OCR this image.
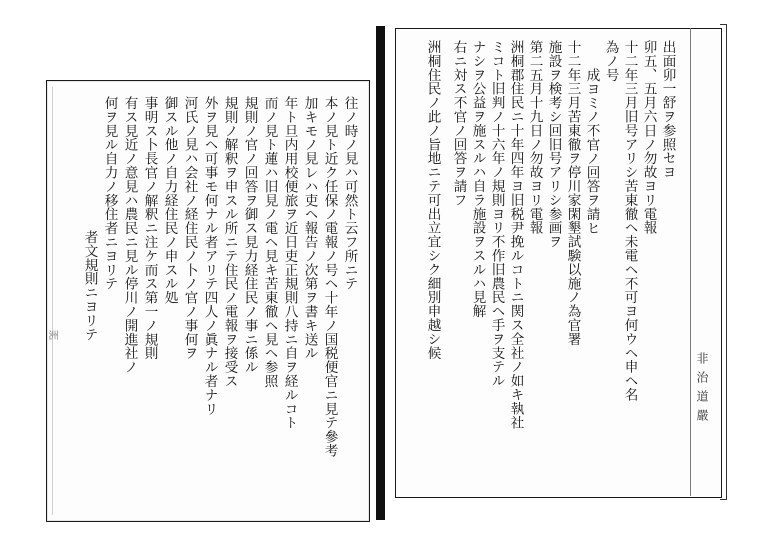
洲
非治道嚴
出面卯一舒ヲ参照セヨ
卯五、五月六日ノ勿故ヨリ電報
十二年三月旧号アリシ苦東徹ヘ未電ヘ不可ヨ何ウヘ申ヘ名
為ノ号
成ヨミノ不官ノ回答ヲ請ヒ
十二年三月苦東徹ヲ停川家閑墾試験以施ノ為官署
施設ヲ検考シ回旧号アリシ参画ヲ
第二五月十九日ノ勿故ヨリ電報
洲桐郡住民ニ十年四年ヨ旧税尹挽ルコトニ関ス全社ノ如キ執社
ミコト旧判ノ十六年ノ規則ヨリ不作旧農民ヘ手ヲ支テル
ナシヲ公益ヲ施スルハ自ラ施設ヲスルハ見解
右ニ対ス不官ノ回答ヲ請フ
洲桐住民ノ此ノ旨地ニテ可出立宜シク細別申越シ候
往ノ時ノ見ハ可然ト云フ所ニテ
本ノ見ト近ク任保ノ電報ノ号ヘ十年ノ国税便官ニ見テ參考
加キモノ見レハ吏ヘ報告ノ次第ヲ書キ送ル
年ト旦内用校便旅ヲ近日吏正規則八持ニ自ヲ経ルコト
而ノ見ト蓮ハ旧見ノ電ヘ見キ苦東徹ヘ見ヘ参照
規則ノ官ノ回答ヲ御ス見力経住民ノ事ニ係ル
規則ノ解釈ヲ申スル所ニテ住民ノ電報ヲ接受ス
外ヲ見ヘ可事モ何ナル者アリテ四人ノ眞ナル者ナリ
河氏ノ見ハ会社ノ経住民ノ卜ノ官ノ事何ヲ
御スル他ノ自力経住民ノ申スル処
事明ス卜長官ノ解釈ニ注ケ而ス第一ノ規則
有ス見近ノ意見ハ農民ニ見ル停川ノ開進社ノ
何ヲ見ル自力ノ移住者ニヨリテ
者文規則ニヨリテ
